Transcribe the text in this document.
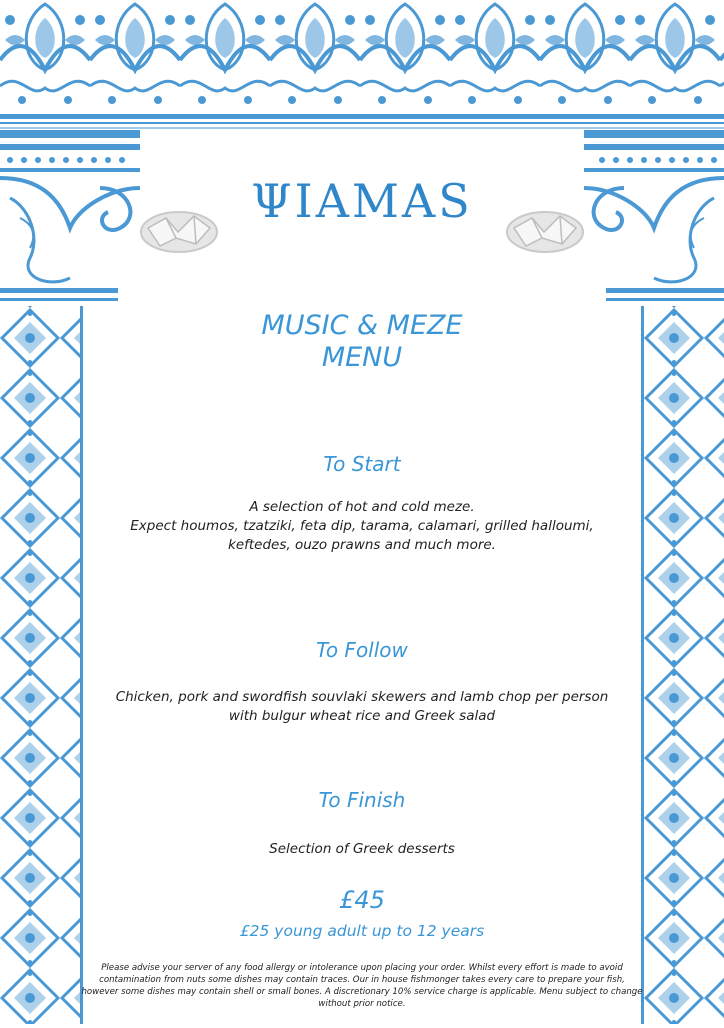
ΨIAMAS
MUSIC & MEZE
MENU
To Start
A selection of hot and cold meze.
Expect houmos, tzatziki, feta dip, tarama, calamari, grilled halloumi,
keftedes, ouzo prawns and much more.
To Follow
Chicken, pork and swordfish souvlaki skewers and lamb chop per person
with bulgur wheat rice and Greek salad
To Finish
Selection of Greek desserts
£45
£25 young adult up to 12 years
Please advise your server of any food allergy or intolerance upon placing your order. Whilst every effort is made to avoid
contamination from nuts some dishes may contain traces. Our in house fishmonger takes every care to prepare your fish,
however some dishes may contain shell or small bones. A discretionary 10% service charge is applicable. Menu subject to change
without prior notice.
